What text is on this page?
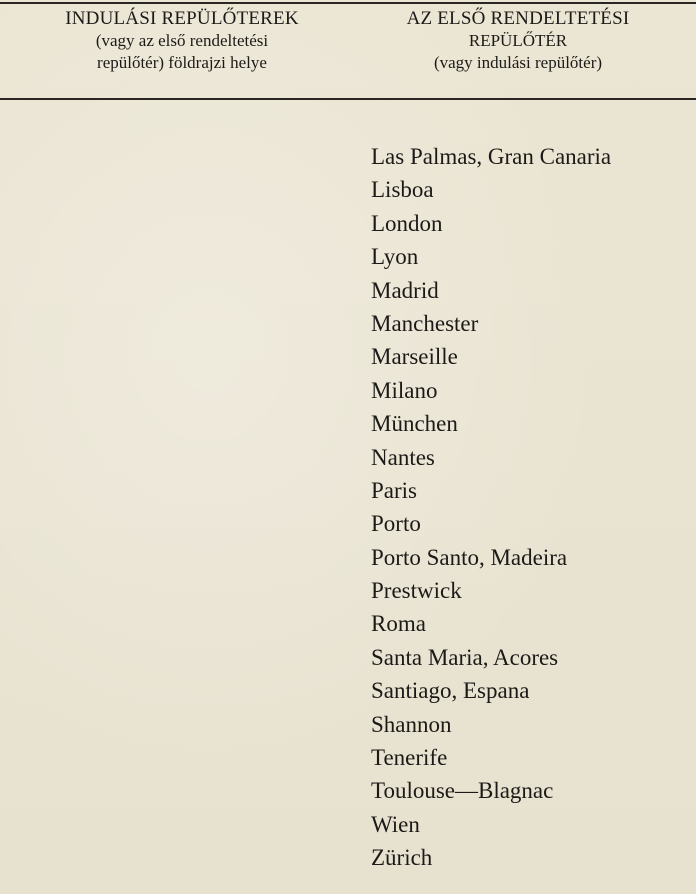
INDULÁSI REPÜLŐTEREK
(vagy az első rendeltetési
repülőtér) földrajzi helye
AZ ELSŐ RENDELTETÉSI
REPÜLŐTÉR
(vagy indulási repülőtér)
Las Palmas, Gran Canaria
Lisboa
London
Lyon
Madrid
Manchester
Marseille
Milano
München
Nantes
Paris
Porto
Porto Santo, Madeira
Prestwick
Roma
Santa Maria, Acores
Santiago, Espana
Shannon
Tenerife
Toulouse—Blagnac
Wien
Zürich
